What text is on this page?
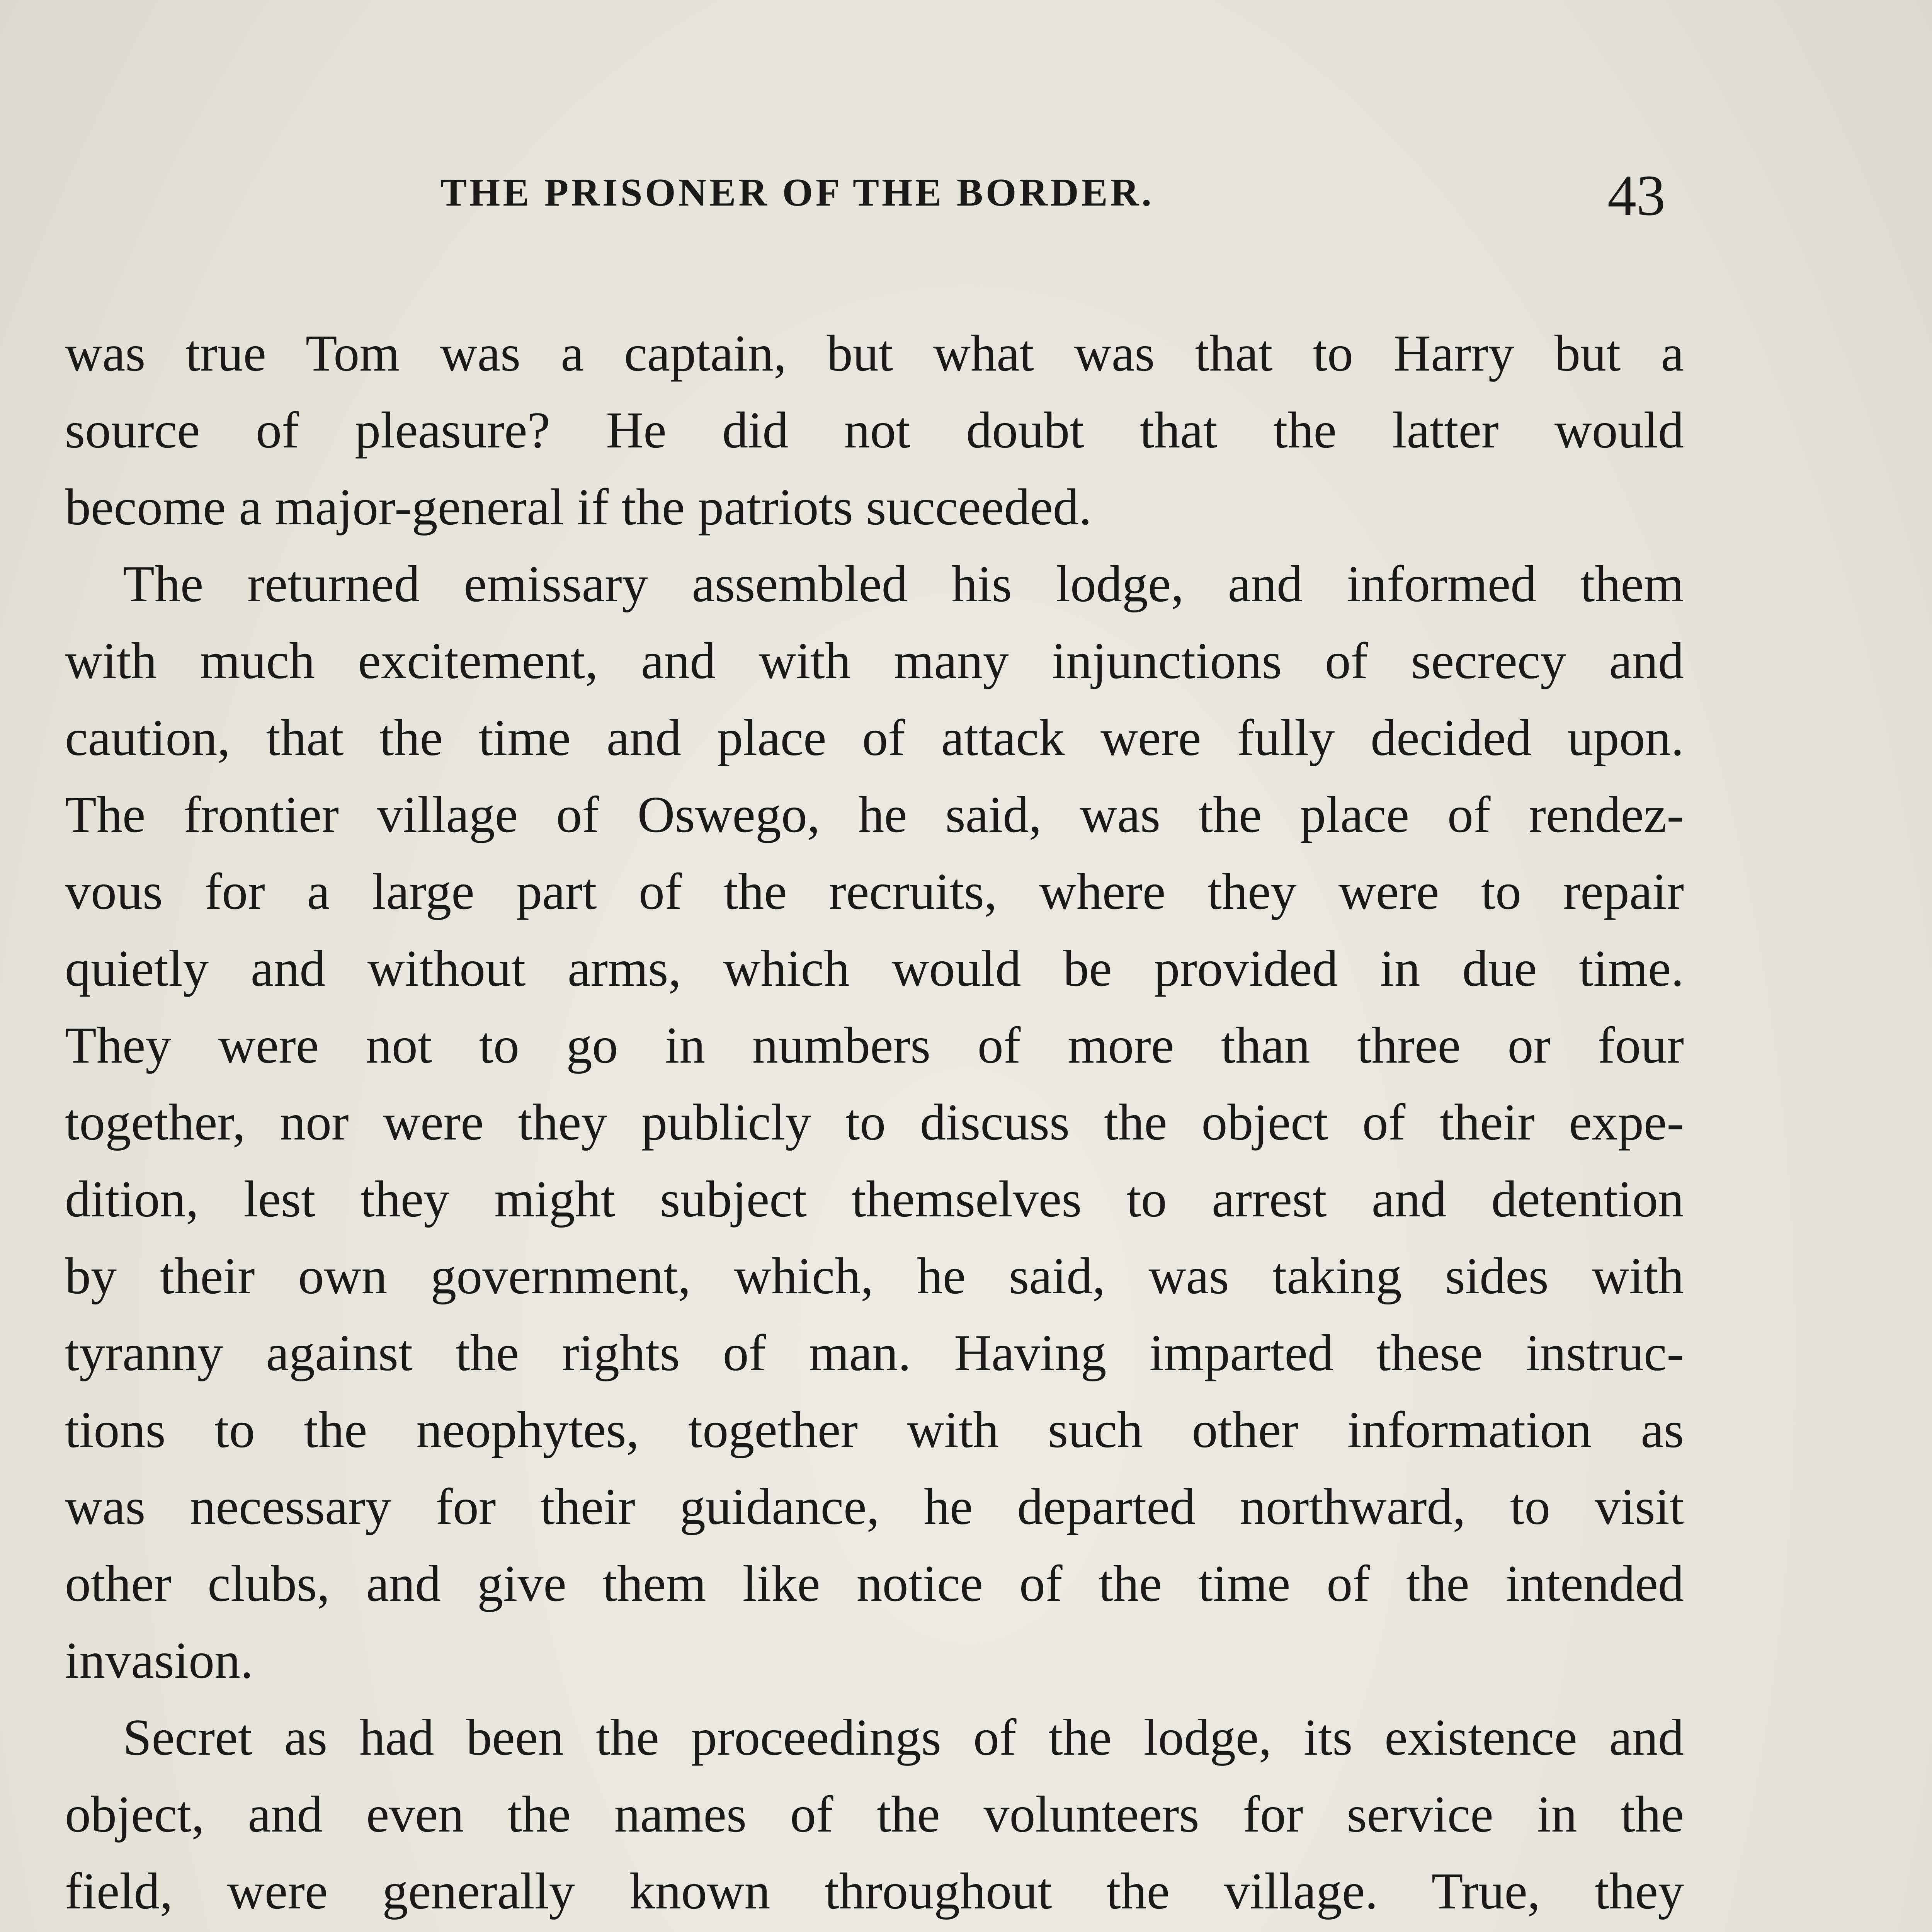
THE PRISONER OF THE BORDER.	43
was true Tom was a captain, but what was that to Harry but a
source of pleasure? He did not doubt that the latter would
become a major-general if the patriots succeeded.
The returned emissary assembled his lodge, and informed them
with much excitement, and with many injunctions of secrecy and
caution, that the time and place of attack were fully decided upon.
The frontier village of Oswego, he said, was the place of rendez-
vous for a large part of the recruits, where they were to repair
quietly and without arms, which would be provided in due time.
They were not to go in numbers of more than three or four
together, nor were they publicly to discuss the object of their expe-
dition, lest they might subject themselves to arrest and detention
by their own government, which, he said, was taking sides with
tyranny against the rights of man. Having imparted these instruc-
tions to the neophytes, together with such other information as
was necessary for their guidance, he departed northward, to visit
other clubs, and give them like notice of the time of the intended
invasion.
Secret as had been the proceedings of the lodge, its existence and
object, and even the names of the volunteers for service in the
field, were generally known throughout the village. True, they
